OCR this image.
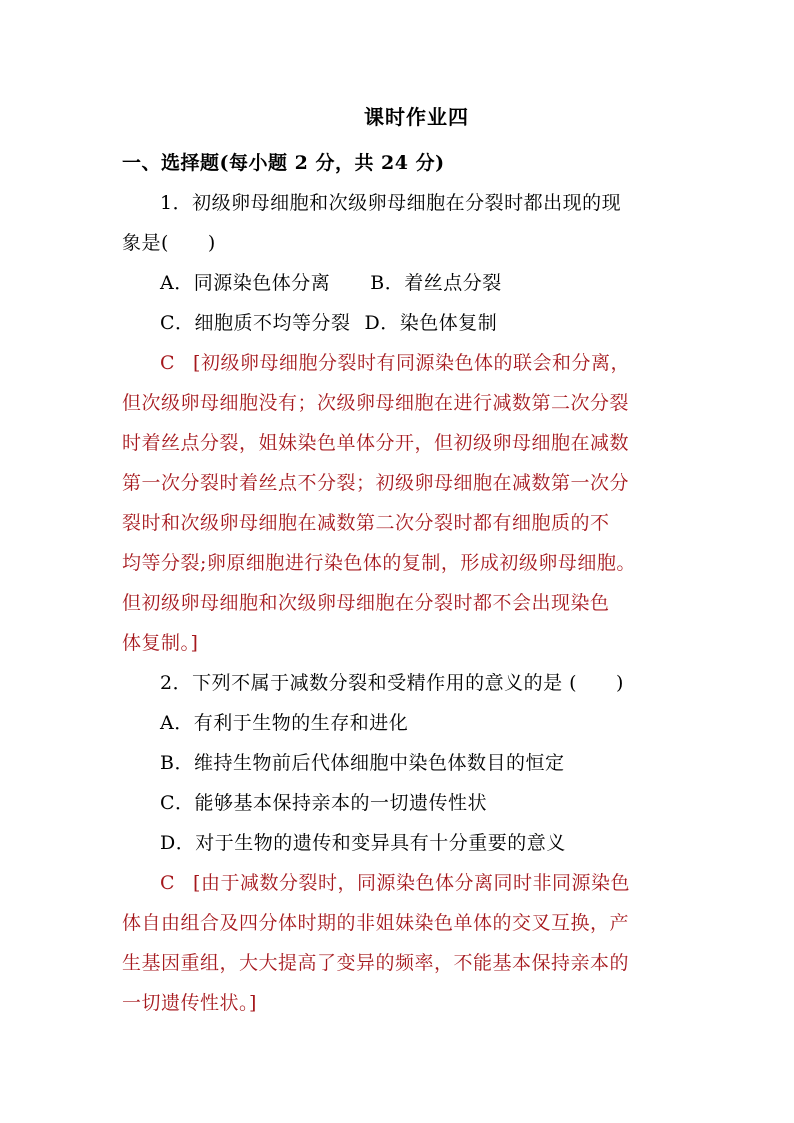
课时作业四
一、选择题(每小题 2 分，共 24 分)
1．初级卵母细胞和次级卵母细胞在分裂时都出现的现
象是(　　)
A．同源染色体分离 B．着丝点分裂
C．细胞质不均等分裂 D．染色体复制
C [初级卵母细胞分裂时有同源染色体的联会和分离，
但次级卵母细胞没有；次级卵母细胞在进行减数第二次分裂
时着丝点分裂，姐妹染色单体分开，但初级卵母细胞在减数
第一次分裂时着丝点不分裂；初级卵母细胞在减数第一次分
裂时和次级卵母细胞在减数第二次分裂时都有细胞质的不
均等分裂;卵原细胞进行染色体的复制，形成初级卵母细胞。
但初级卵母细胞和次级卵母细胞在分裂时都不会出现染色
体复制。]
2．下列不属于减数分裂和受精作用的意义的是 (　　)
A．有利于生物的生存和进化
B．维持生物前后代体细胞中染色体数目的恒定
C．能够基本保持亲本的一切遗传性状
D．对于生物的遗传和变异具有十分重要的意义
C [由于减数分裂时，同源染色体分离同时非同源染色
体自由组合及四分体时期的非姐妹染色单体的交叉互换，产
生基因重组，大大提高了变异的频率，不能基本保持亲本的
一切遗传性状。]
